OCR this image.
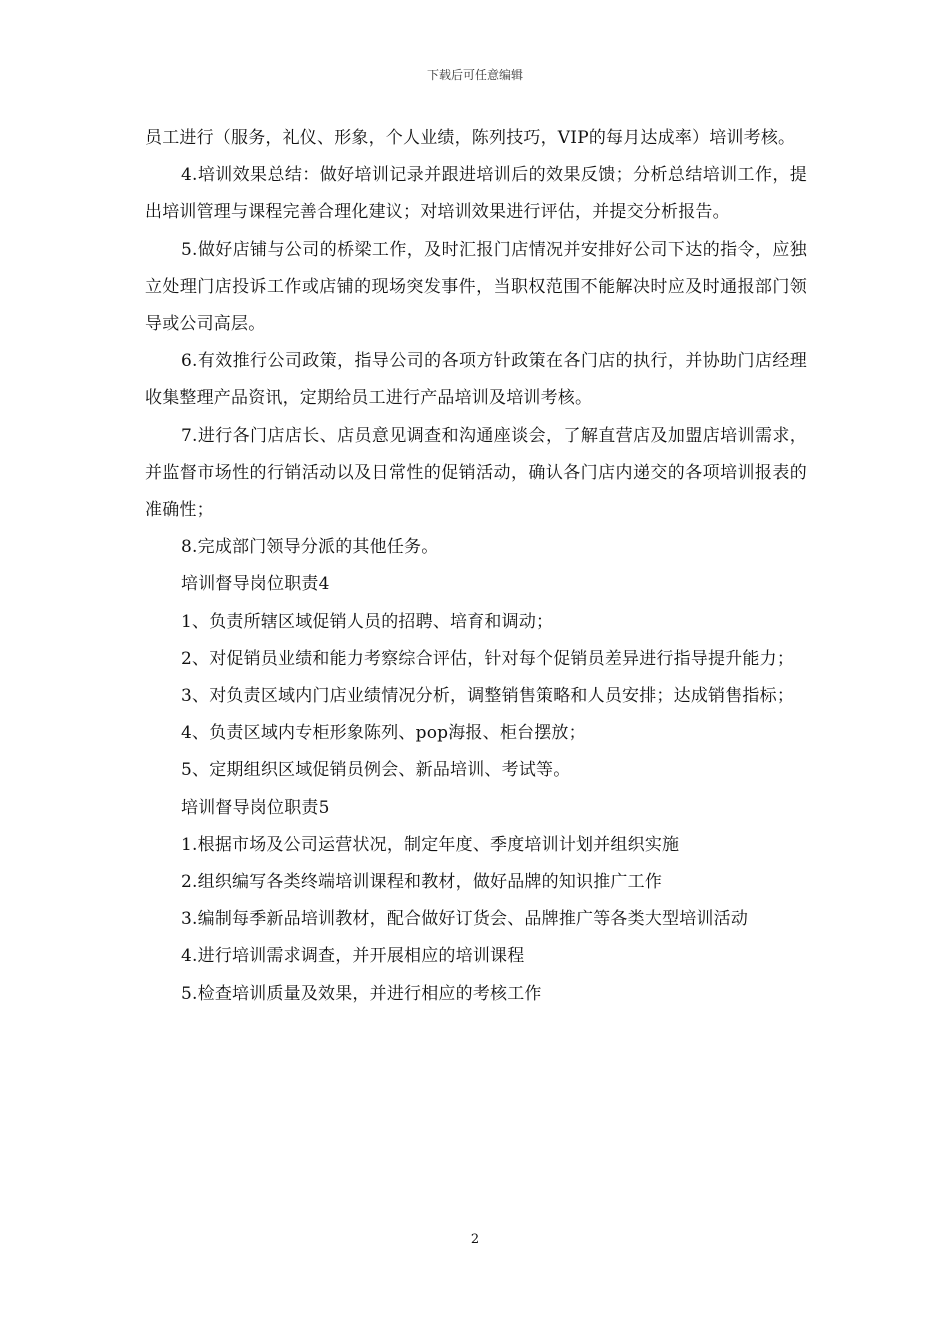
下载后可任意编辑

员工进行（服务，礼仪、形象，个人业绩，陈列技巧，VIP的每月达成率）培训考核。

4.培训效果总结：做好培训记录并跟进培训后的效果反馈；分析总结培训工作，提出培训管理与课程完善合理化建议；对培训效果进行评估，并提交分析报告。

5.做好店铺与公司的桥梁工作，及时汇报门店情况并安排好公司下达的指令，应独立处理门店投诉工作或店铺的现场突发事件，当职权范围不能解决时应及时通报部门领导或公司高层。

6.有效推行公司政策，指导公司的各项方针政策在各门店的执行，并协助门店经理收集整理产品资讯，定期给员工进行产品培训及培训考核。

7.进行各门店店长、店员意见调查和沟通座谈会，了解直营店及加盟店培训需求，并监督市场性的行销活动以及日常性的促销活动，确认各门店内递交的各项培训报表的准确性；

8.完成部门领导分派的其他任务。

培训督导岗位职责4

1、负责所辖区域促销人员的招聘、培育和调动；

2、对促销员业绩和能力考察综合评估，针对每个促销员差异进行指导提升能力；

3、对负责区域内门店业绩情况分析，调整销售策略和人员安排；达成销售指标；

4、负责区域内专柜形象陈列、pop海报、柜台摆放；

5、定期组织区域促销员例会、新品培训、考试等。

培训督导岗位职责5

1.根据市场及公司运营状况，制定年度、季度培训计划并组织实施

2.组织编写各类终端培训课程和教材，做好品牌的知识推广工作

3.编制每季新品培训教材，配合做好订货会、品牌推广等各类大型培训活动

4.进行培训需求调查，并开展相应的培训课程

5.检查培训质量及效果，并进行相应的考核工作

2
